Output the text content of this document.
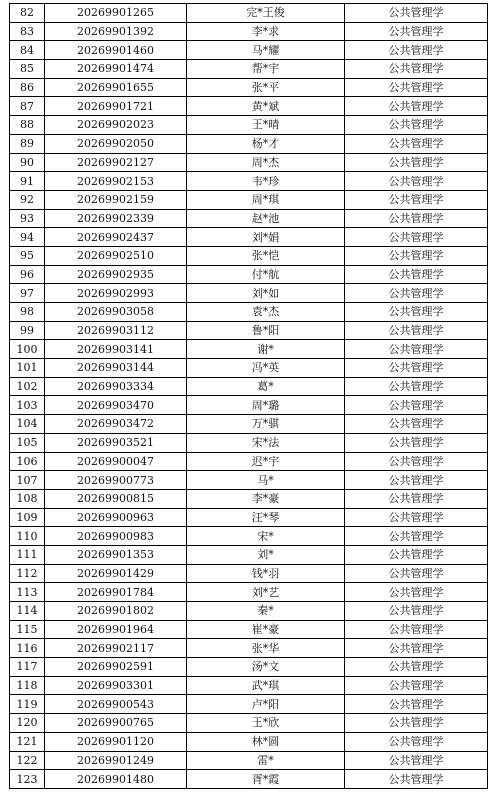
82	20269901265	完*王俊	公共管理学
83	20269901392	李*求	公共管理学
84	20269901460	马*耀	公共管理学
85	20269901474	帮*宇	公共管理学
86	20269901655	张*平	公共管理学
87	20269901721	黄*斌	公共管理学
88	20269902023	王*晴	公共管理学
89	20269902050	杨*才	公共管理学
90	20269902127	周*杰	公共管理学
91	20269902153	韦*珍	公共管理学
92	20269902159	周*琪	公共管理学
93	20269902339	赵*池	公共管理学
94	20269902437	刘*娟	公共管理学
95	20269902510	张*恺	公共管理学
96	20269902935	付*航	公共管理学
97	20269902993	刘*如	公共管理学
98	20269903058	袁*杰	公共管理学
99	20269903112	鲁*阳	公共管理学
100	20269903141	谢*	公共管理学
101	20269903144	冯*英	公共管理学
102	20269903334	葛*	公共管理学
103	20269903470	周*璐	公共管理学
104	20269903472	万*骐	公共管理学
105	20269903521	宋*法	公共管理学
106	20269900047	迟*宇	公共管理学
107	20269900773	马*	公共管理学
108	20269900815	李*豪	公共管理学
109	20269900963	汪*琴	公共管理学
110	20269900983	宋*	公共管理学
111	20269901353	刘*	公共管理学
112	20269901429	钱*羽	公共管理学
113	20269901784	刘*艺	公共管理学
114	20269901802	秦*	公共管理学
115	20269901964	崔*豪	公共管理学
116	20269902117	张*华	公共管理学
117	20269902591	汤*文	公共管理学
118	20269903301	武*琪	公共管理学
119	20269900543	卢*阳	公共管理学
120	20269900765	王*欣	公共管理学
121	20269901120	林*圆	公共管理学
122	20269901249	雷*	公共管理学
123	20269901480	胥*霞	公共管理学
